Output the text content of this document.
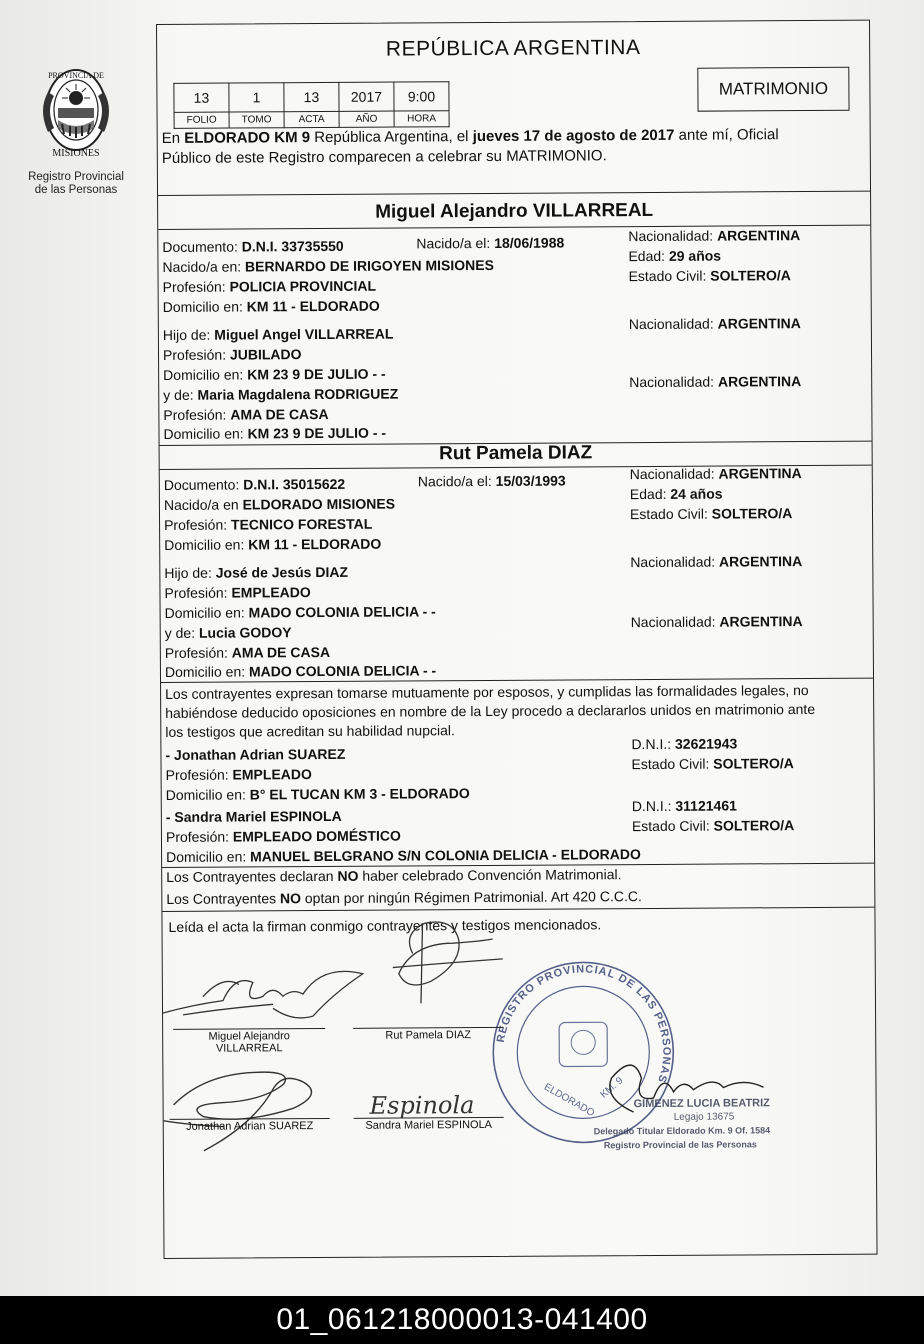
PROVINCIA DE
MISIONES
Registro Provincial
de las Personas
REPÚBLICA ARGENTINA
13	1	13	2017	9:00
FOLIO	TOMO	ACTA	AÑO	HORA
MATRIMONIO
En ELDORADO KM 9 República Argentina, el jueves 17 de agosto de 2017 ante mí, Oficial
Público de este Registro comparecen a celebrar su MATRIMONIO.
Miguel Alejandro VILLARREAL
Documento: D.N.I. 33735550	Nacido/a el: 18/06/1988	Nacionalidad: ARGENTINA
Nacido/a en: BERNARDO DE IRIGOYEN MISIONES
Edad: 29 años
Profesión: POLICIA PROVINCIAL
Estado Civil: SOLTERO/A
Domicilio en: KM 11 - ELDORADO
Hijo de: Miguel Angel VILLARREAL
Nacionalidad: ARGENTINA
Profesión: JUBILADO
Domicilio en: KM 23 9 DE JULIO - -
y de: Maria Magdalena RODRIGUEZ
Nacionalidad: ARGENTINA
Profesión: AMA DE CASA
Domicilio en: KM 23 9 DE JULIO - -
Rut Pamela DIAZ
Documento: D.N.I. 35015622	Nacido/a el: 15/03/1993	Nacionalidad: ARGENTINA
Nacido/a en ELDORADO MISIONES
Edad: 24 años
Profesión: TECNICO FORESTAL
Estado Civil: SOLTERO/A
Domicilio en: KM 11 - ELDORADO
Hijo de: José de Jesús DIAZ
Nacionalidad: ARGENTINA
Profesión: EMPLEADO
Domicilio en: MADO COLONIA DELICIA - -
y de: Lucia GODOY
Nacionalidad: ARGENTINA
Profesión: AMA DE CASA
Domicilio en: MADO COLONIA DELICIA - -
Los contrayentes expresan tomarse mutuamente por esposos, y cumplidas las formalidades legales, no
habiéndose deducido oposiciones en nombre de la Ley procedo a declararlos unidos en matrimonio ante
los testigos que acreditan su habilidad nupcial.
- Jonathan Adrian SUAREZ
D.N.I.: 32621943
Profesión: EMPLEADO
Estado Civil: SOLTERO/A
Domicilio en: B° EL TUCAN KM 3 - ELDORADO
- Sandra Mariel ESPINOLA
D.N.I.: 31121461
Profesión: EMPLEADO DOMÉSTICO
Estado Civil: SOLTERO/A
Domicilio en: MANUEL BELGRANO S/N COLONIA DELICIA - ELDORADO
Los Contrayentes declaran NO haber celebrado Convención Matrimonial.
Los Contrayentes NO optan por ningún Régimen Patrimonial. Art 420 C.C.C.
Leída el acta la firman conmigo contrayentes y testigos mencionados.
Espinola
REGISTRO PROVINCIAL DE LAS PERSONAS
ELDORADO KM. 9
GIMENEZ LUCIA BEATRIZ
Legajo 13675
Delegado Titular Eldorado Km. 9 Of. 1584
Registro Provincial de las Personas
Miguel Alejandro
VILLARREAL
Rut Pamela DIAZ
Jonathan Adrian SUAREZ	Sandra Mariel ESPINOLA
01_061218000013-041400
